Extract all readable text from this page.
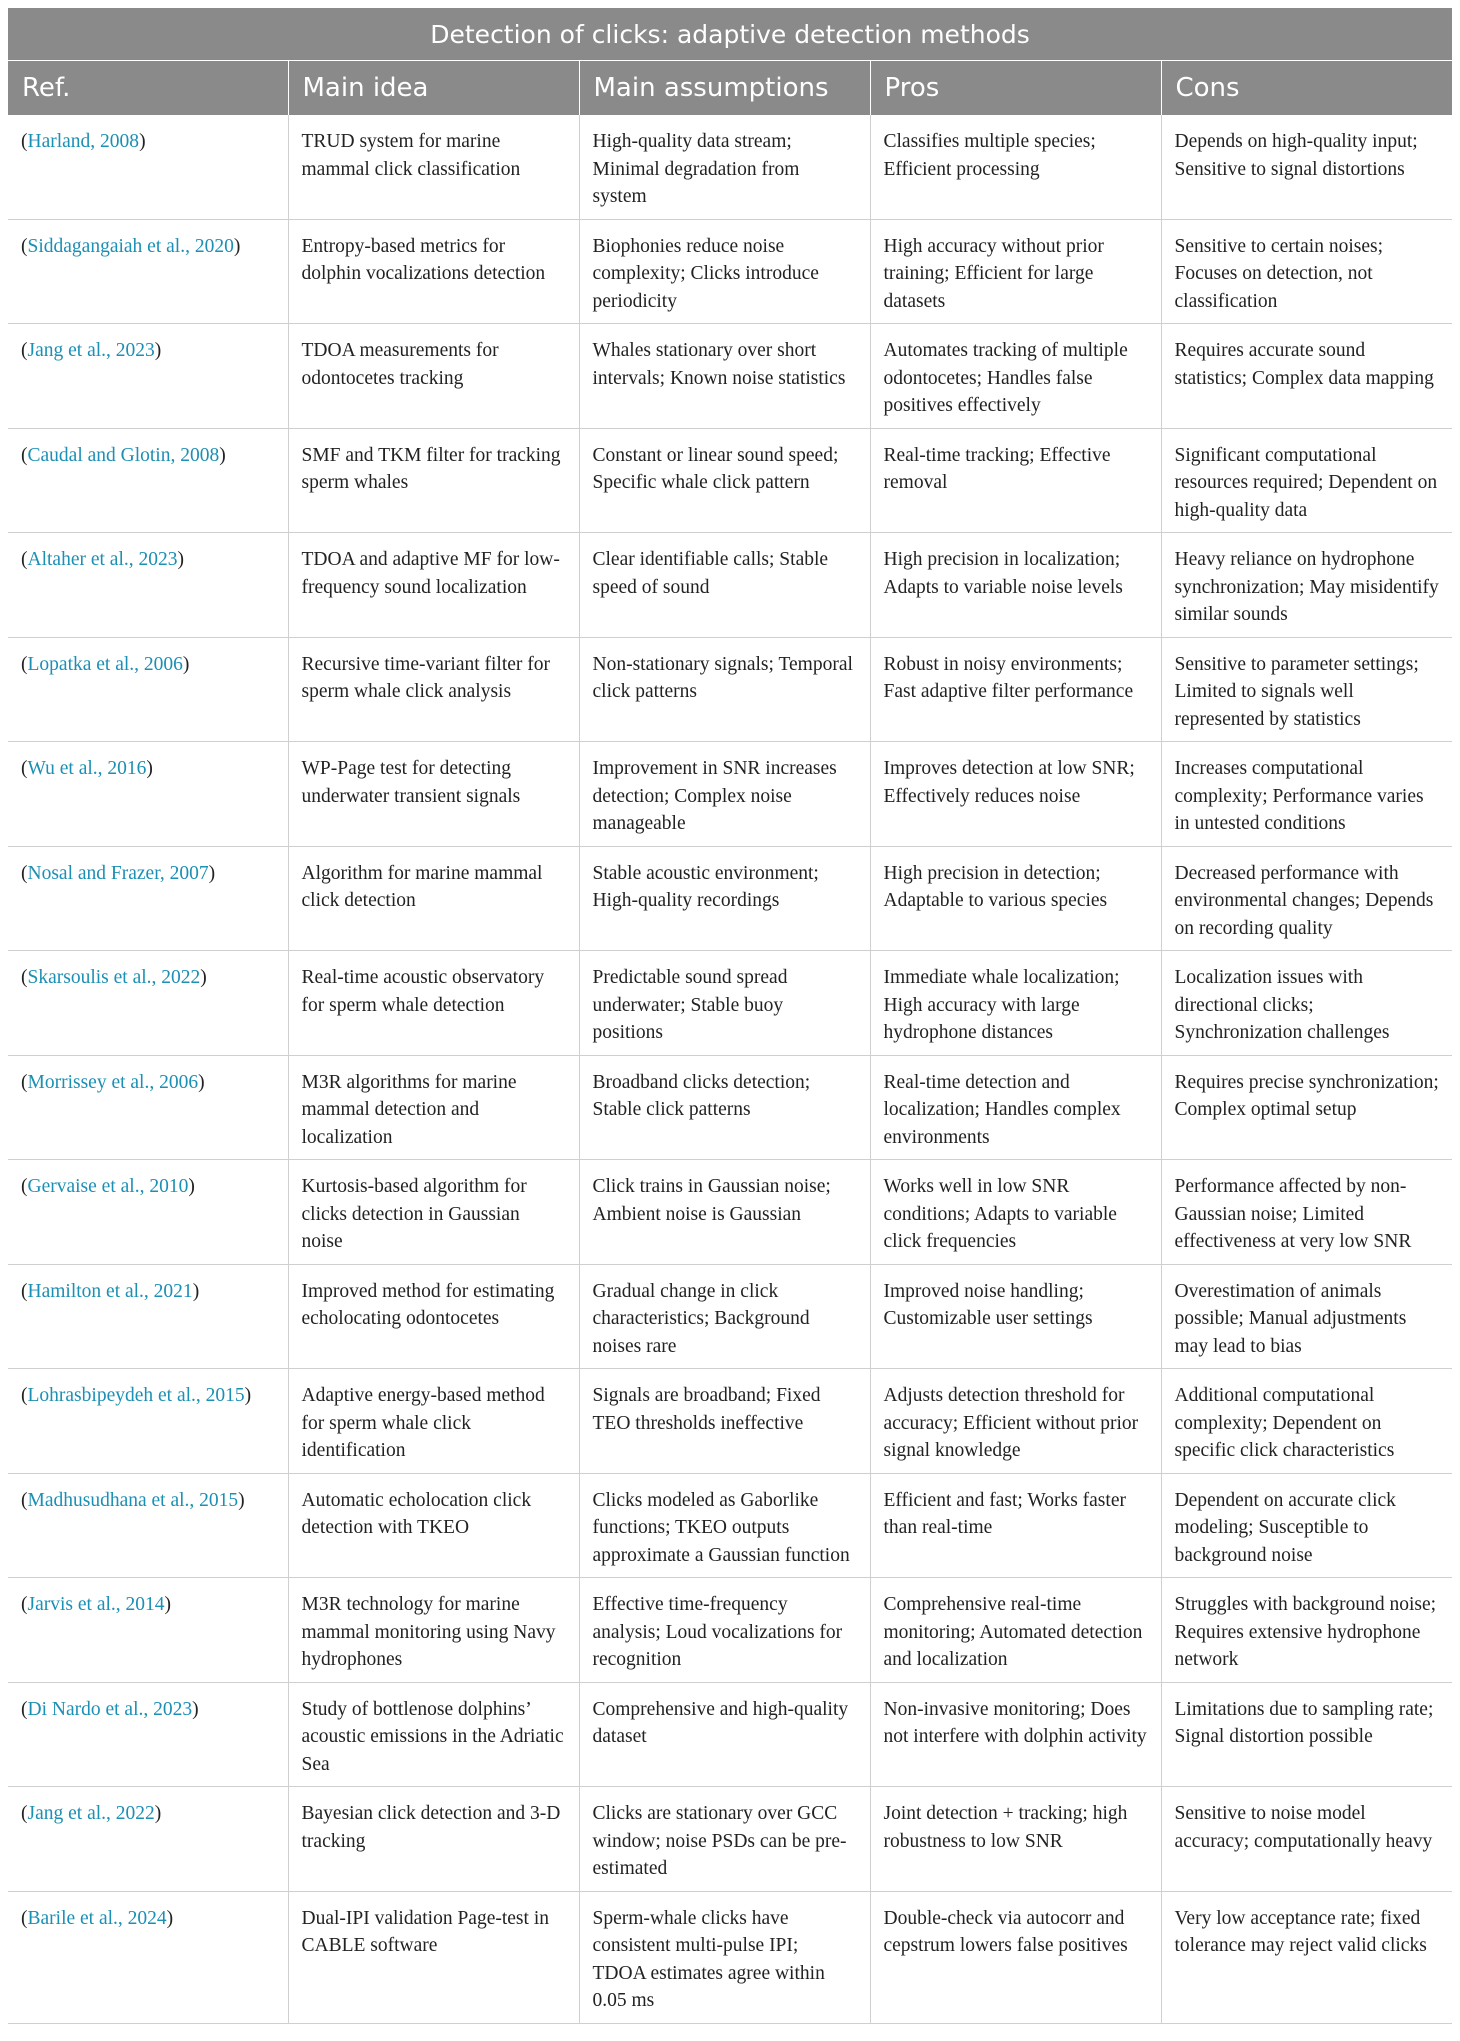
Detection of clicks: adaptive detection methods				
Ref.	Main idea	Main assumptions	Pros	Cons
(Harland, 2008)	TRUD system for marine mammal click classification	High-quality data stream; Minimal degradation from system	Classifies multiple species; Efficient processing	Depends on high-quality input; Sensitive to signal distortions
(Siddagangaiah et al., 2020)	Entropy-based metrics for dolphin vocalizations detection	Biophonies reduce noise complexity; Clicks introduce periodicity	High accuracy without prior training; Efficient for large datasets	Sensitive to certain noises; Focuses on detection, not classification
(Jang et al., 2023)	TDOA measurements for odontocetes tracking	Whales stationary over short intervals; Known noise statistics	Automates tracking of multiple odontocetes; Handles false positives effectively	Requires accurate sound statistics; Complex data mapping
(Caudal and Glotin, 2008)	SMF and TKM filter for tracking sperm whales	Constant or linear sound speed; Specific whale click pattern	Real-time tracking; Effective removal	Significant computational resources required; Dependent on high-quality data
(Altaher et al., 2023)	TDOA and adaptive MF for low-frequency sound localization	Clear identifiable calls; Stable speed of sound	High precision in localization; Adapts to variable noise levels	Heavy reliance on hydrophone synchronization; May misidentify similar sounds
(Lopatka et al., 2006)	Recursive time-variant filter for sperm whale click analysis	Non-stationary signals; Temporal click patterns	Robust in noisy environments; Fast adaptive filter performance	Sensitive to parameter settings; Limited to signals well represented by statistics
(Wu et al., 2016)	WP-Page test for detecting underwater transient signals	Improvement in SNR increases detection; Complex noise manageable	Improves detection at low SNR; Effectively reduces noise	Increases computational complexity; Performance varies in untested conditions
(Nosal and Frazer, 2007)	Algorithm for marine mammal click detection	Stable acoustic environment; High-quality recordings	High precision in detection; Adaptable to various species	Decreased performance with environmental changes; Depends on recording quality
(Skarsoulis et al., 2022)	Real-time acoustic observatory for sperm whale detection	Predictable sound spread underwater; Stable buoy positions	Immediate whale localization; High accuracy with large hydrophone distances	Localization issues with directional clicks; Synchronization challenges
(Morrissey et al., 2006)	M3R algorithms for marine mammal detection and localization	Broadband clicks detection; Stable click patterns	Real-time detection and localization; Handles complex environments	Requires precise synchronization; Complex optimal setup
(Gervaise et al., 2010)	Kurtosis-based algorithm for clicks detection in Gaussian noise	Click trains in Gaussian noise; Ambient noise is Gaussian	Works well in low SNR conditions; Adapts to variable click frequencies	Performance affected by non-Gaussian noise; Limited effectiveness at very low SNR
(Hamilton et al., 2021)	Improved method for estimating echolocating odontocetes	Gradual change in click characteristics; Background noises rare	Improved noise handling; Customizable user settings	Overestimation of animals possible; Manual adjustments may lead to bias
(Lohrasbipeydeh et al., 2015)	Adaptive energy-based method for sperm whale click identification	Signals are broadband; Fixed TEO thresholds ineffective	Adjusts detection threshold for accuracy; Efficient without prior signal knowledge	Additional computational complexity; Dependent on specific click characteristics
(Madhusudhana et al., 2015)	Automatic echolocation click detection with TKEO	Clicks modeled as Gaborlike functions; TKEO outputs approximate a Gaussian function	Efficient and fast; Works faster than real-time	Dependent on accurate click modeling; Susceptible to background noise
(Jarvis et al., 2014)	M3R technology for marine mammal monitoring using Navy hydrophones	Effective time-frequency analysis; Loud vocalizations for recognition	Comprehensive real-time monitoring; Automated detection and localization	Struggles with background noise; Requires extensive hydrophone network
(Di Nardo et al., 2023)	Study of bottlenose dolphins’ acoustic emissions in the Adriatic Sea	Comprehensive and high-quality dataset	Non-invasive monitoring; Does not interfere with dolphin activity	Limitations due to sampling rate; Signal distortion possible
(Jang et al., 2022)	Bayesian click detection and 3-D tracking	Clicks are stationary over GCC window; noise PSDs can be pre-estimated	Joint detection + tracking; high robustness to low SNR	Sensitive to noise model accuracy; computationally heavy
(Barile et al., 2024)	Dual-IPI validation Page-test in CABLE software	Sperm-whale clicks have consistent multi-pulse IPI; TDOA estimates agree within 0.05 ms	Double-check via autocorr and cepstrum lowers false positives	Very low acceptance rate; fixed tolerance may reject valid clicks
